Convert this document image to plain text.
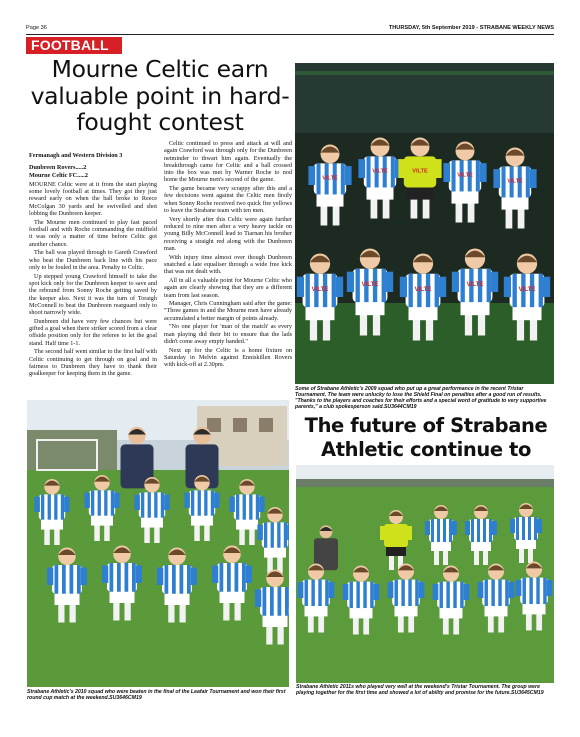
Page 36	THURSDAY, 5th September 2019 - STRABANE WEEKLY NEWS
FOOTBALL
Mourne Celtic earn valuable point in hard-fought contest

Fermanagh and Western Division 3

Dunbreen Rovers.....2

Mourne Celtic FC.....2

MOURNE Celtic were at it from the start playing some lovely football at times. They got they just reward early on when the ball broke to Reece McColgan 30 yards and he swivelled and shot lobbing the Dunbreen keeper.

The Mourne men continued to play fast paced football and with Roche commanding the midfield it was only a matter of time before Celtic got another chance.

The ball was played through to Gareth Crawford who beat the Dunbreen back line with his pace only to be fouled in the area. Penalty to Celtic.

Up stepped young Crawford himself to take the spot kick only for the Dunbreen keeper to save and the rebound from Sonny Roche getting saved by the keeper also. Next it was the turn of Toraigh McConnell to beat the Dunbreen rearguard only to shoot narrowly wide.

Dunbreen did have very few chances but were gifted a goal when there striker scored from a clear offside position only for the referee to let the goal stand. Half time 1-1.

The second half went similar to the first half with Celtic continuing to get through on goal and in fairness to Dunbreen they have to thank their goalkeeper for keeping them in the game.

Celtic continued to press and attack at will and again Crawford was through only for the Dunbreen netminder to thwart him again. Eventually the breakthrough came for Celtic and a ball crossed into the box was met by Warner Roche to nod home the Mourne men's second of the game.

The game became very scrappy after this and a few decisions went against the Celtic men firstly when Sonny Roche received two quick fire yellows to leave the Strabane team with ten men.

Very shortly after this Celtic were again further reduced to nine men after a very heavy tackle on young Billy McConnell lead to Tiarnan his brother receiving a straight red along with the Dunbreen man.

With injury time almost over though Dunbreen snatched a late equaliser through a wide free kick that was not dealt with.

All in all a valuable point for Mourne Celtic who again are clearly showing that they are a different team from last season.

Manager, Chris Cunningham said after the game: "Three games in and the Mourne men have already accumulated a better margin of points already.

"No one player for 'man of the match' as every man playing did their bit to ensure that the lads didn't come away empty handed."

Next up for the Celtic is a home fixture on Saturday in Melvin against Enniskillen Rovers with kick-off at 2.30pm.

VILTE
VILTE	VILTE
VILTE
VILTE
VILTE
VILTE
VILTE
VILTE
VILTE
Some of Strabane Athletic's 2009 squad who put up a great performance in the recent Tristar Tournament. The team were unlucky to lose the Shield Final on penalties after a good run of results. "Thanks to the players and coaches for their efforts and a special word of gratitude to very supportive parents," a club spokesperson said.SU3644CM19
Strabane Athletic's 2010 squad who were beaten in the final of the Leafair Tournament and won their first round cup match at the weekend.SU3646CM19
The future of Strabane Athletic continue to
Strabane Athletic 2011s who played very well at the weekend's Tristar Tournament. The group were playing together for the first time and showed a lot of ability and promise for the future.SU3645CM19
